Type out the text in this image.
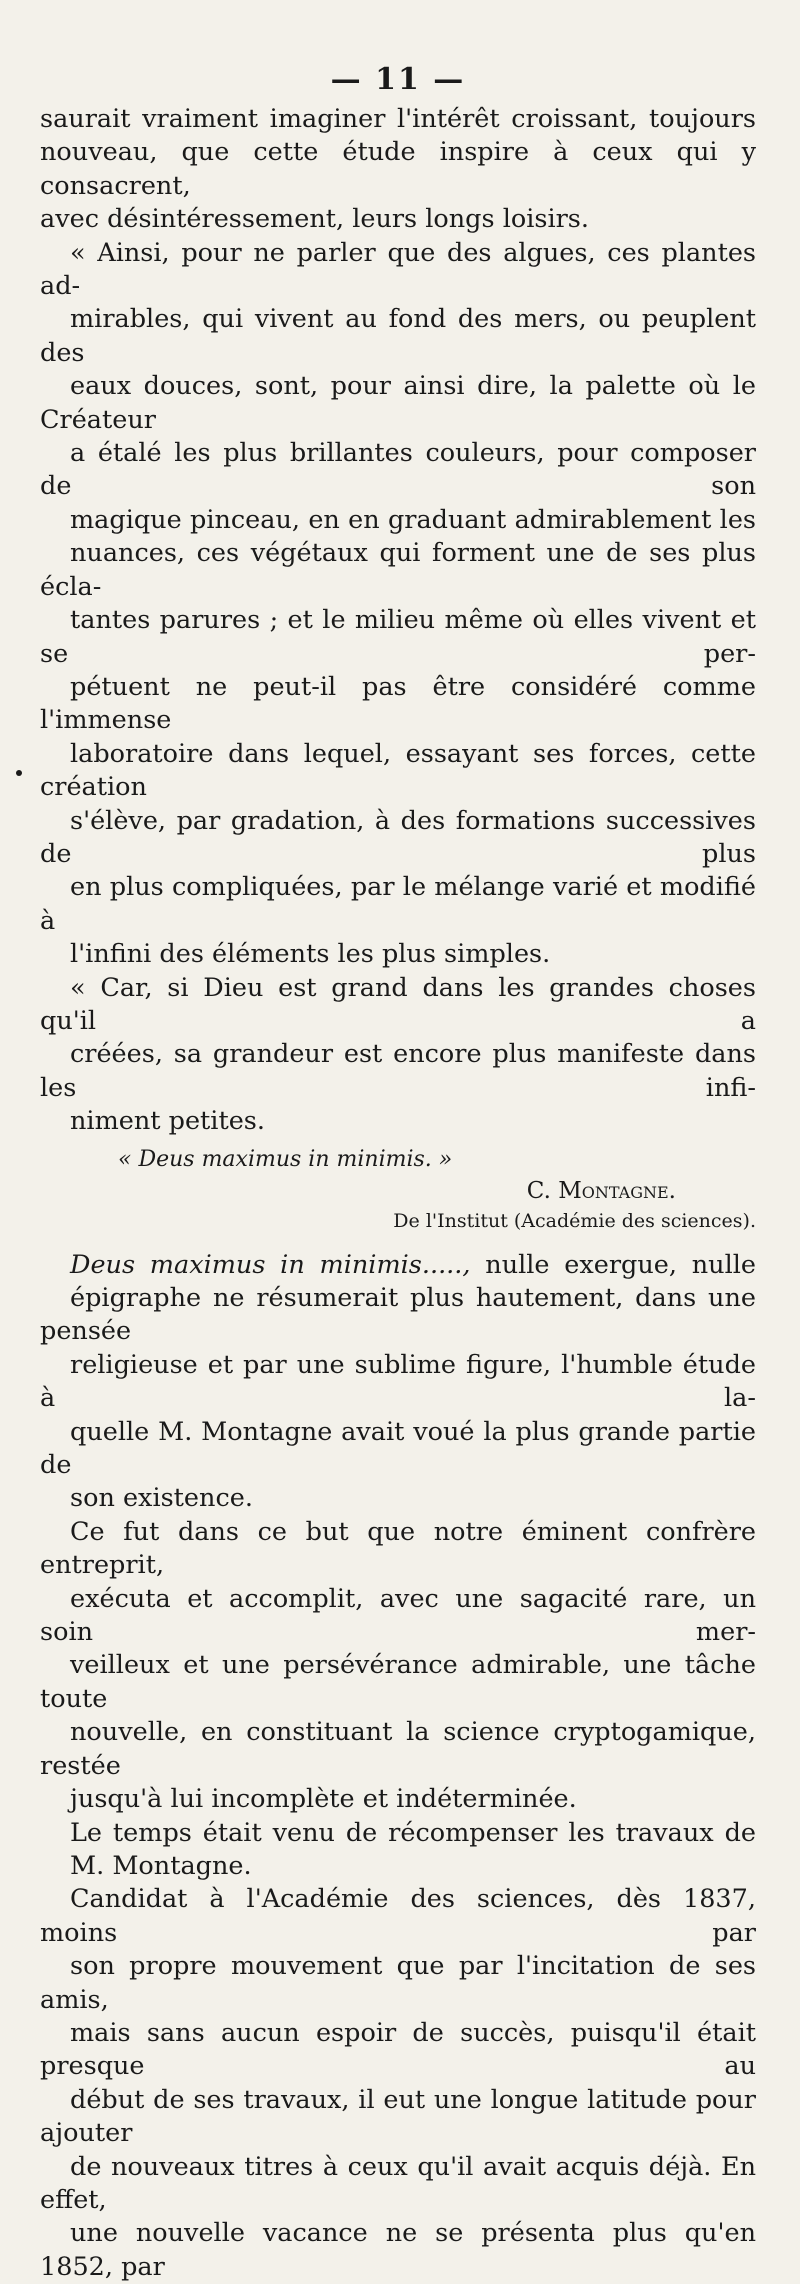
— 11 —

saurait vraiment imaginer l'intérêt croissant, toujours
nouveau, que cette étude inspire à ceux qui y consacrent,
avec désintéressement, leurs longs loisirs.

« Ainsi, pour ne parler que des algues, ces plantes ad-
mirables, qui vivent au fond des mers, ou peuplent des
eaux douces, sont, pour ainsi dire, la palette où le Créateur
a étalé les plus brillantes couleurs, pour composer de son
magique pinceau, en en graduant admirablement les
nuances, ces végétaux qui forment une de ses plus écla-
tantes parures ; et le milieu même où elles vivent et se per-
pétuent ne peut-il pas être considéré comme l'immense
laboratoire dans lequel, essayant ses forces, cette création
s'élève, par gradation, à des formations successives de plus
en plus compliquées, par le mélange varié et modifié à
l'infini des éléments les plus simples.

« Car, si Dieu est grand dans les grandes choses qu'il a
créées, sa grandeur est encore plus manifeste dans les infi-
niment petites.

« Deus maximus in minimis. »
C. Montagne.
De l'Institut (Académie des sciences).

Deus maximus in minimis....., nulle exergue, nulle
épigraphe ne résumerait plus hautement, dans une pensée
religieuse et par une sublime figure, l'humble étude à la-
quelle M. Montagne avait voué la plus grande partie de
son existence.

Ce fut dans ce but que notre éminent confrère entreprit,
exécuta et accomplit, avec une sagacité rare, un soin mer-
veilleux et une persévérance admirable, une tâche toute
nouvelle, en constituant la science cryptogamique, restée
jusqu'à lui incomplète et indéterminée.

Le temps était venu de récompenser les travaux de
M. Montagne.

Candidat à l'Académie des sciences, dès 1837, moins par
son propre mouvement que par l'incitation de ses amis,
mais sans aucun espoir de succès, puisqu'il était presque au
début de ses travaux, il eut une longue latitude pour ajouter
de nouveaux titres à ceux qu'il avait acquis déjà. En effet,
une nouvelle vacance ne se présenta plus qu'en 1852, par
